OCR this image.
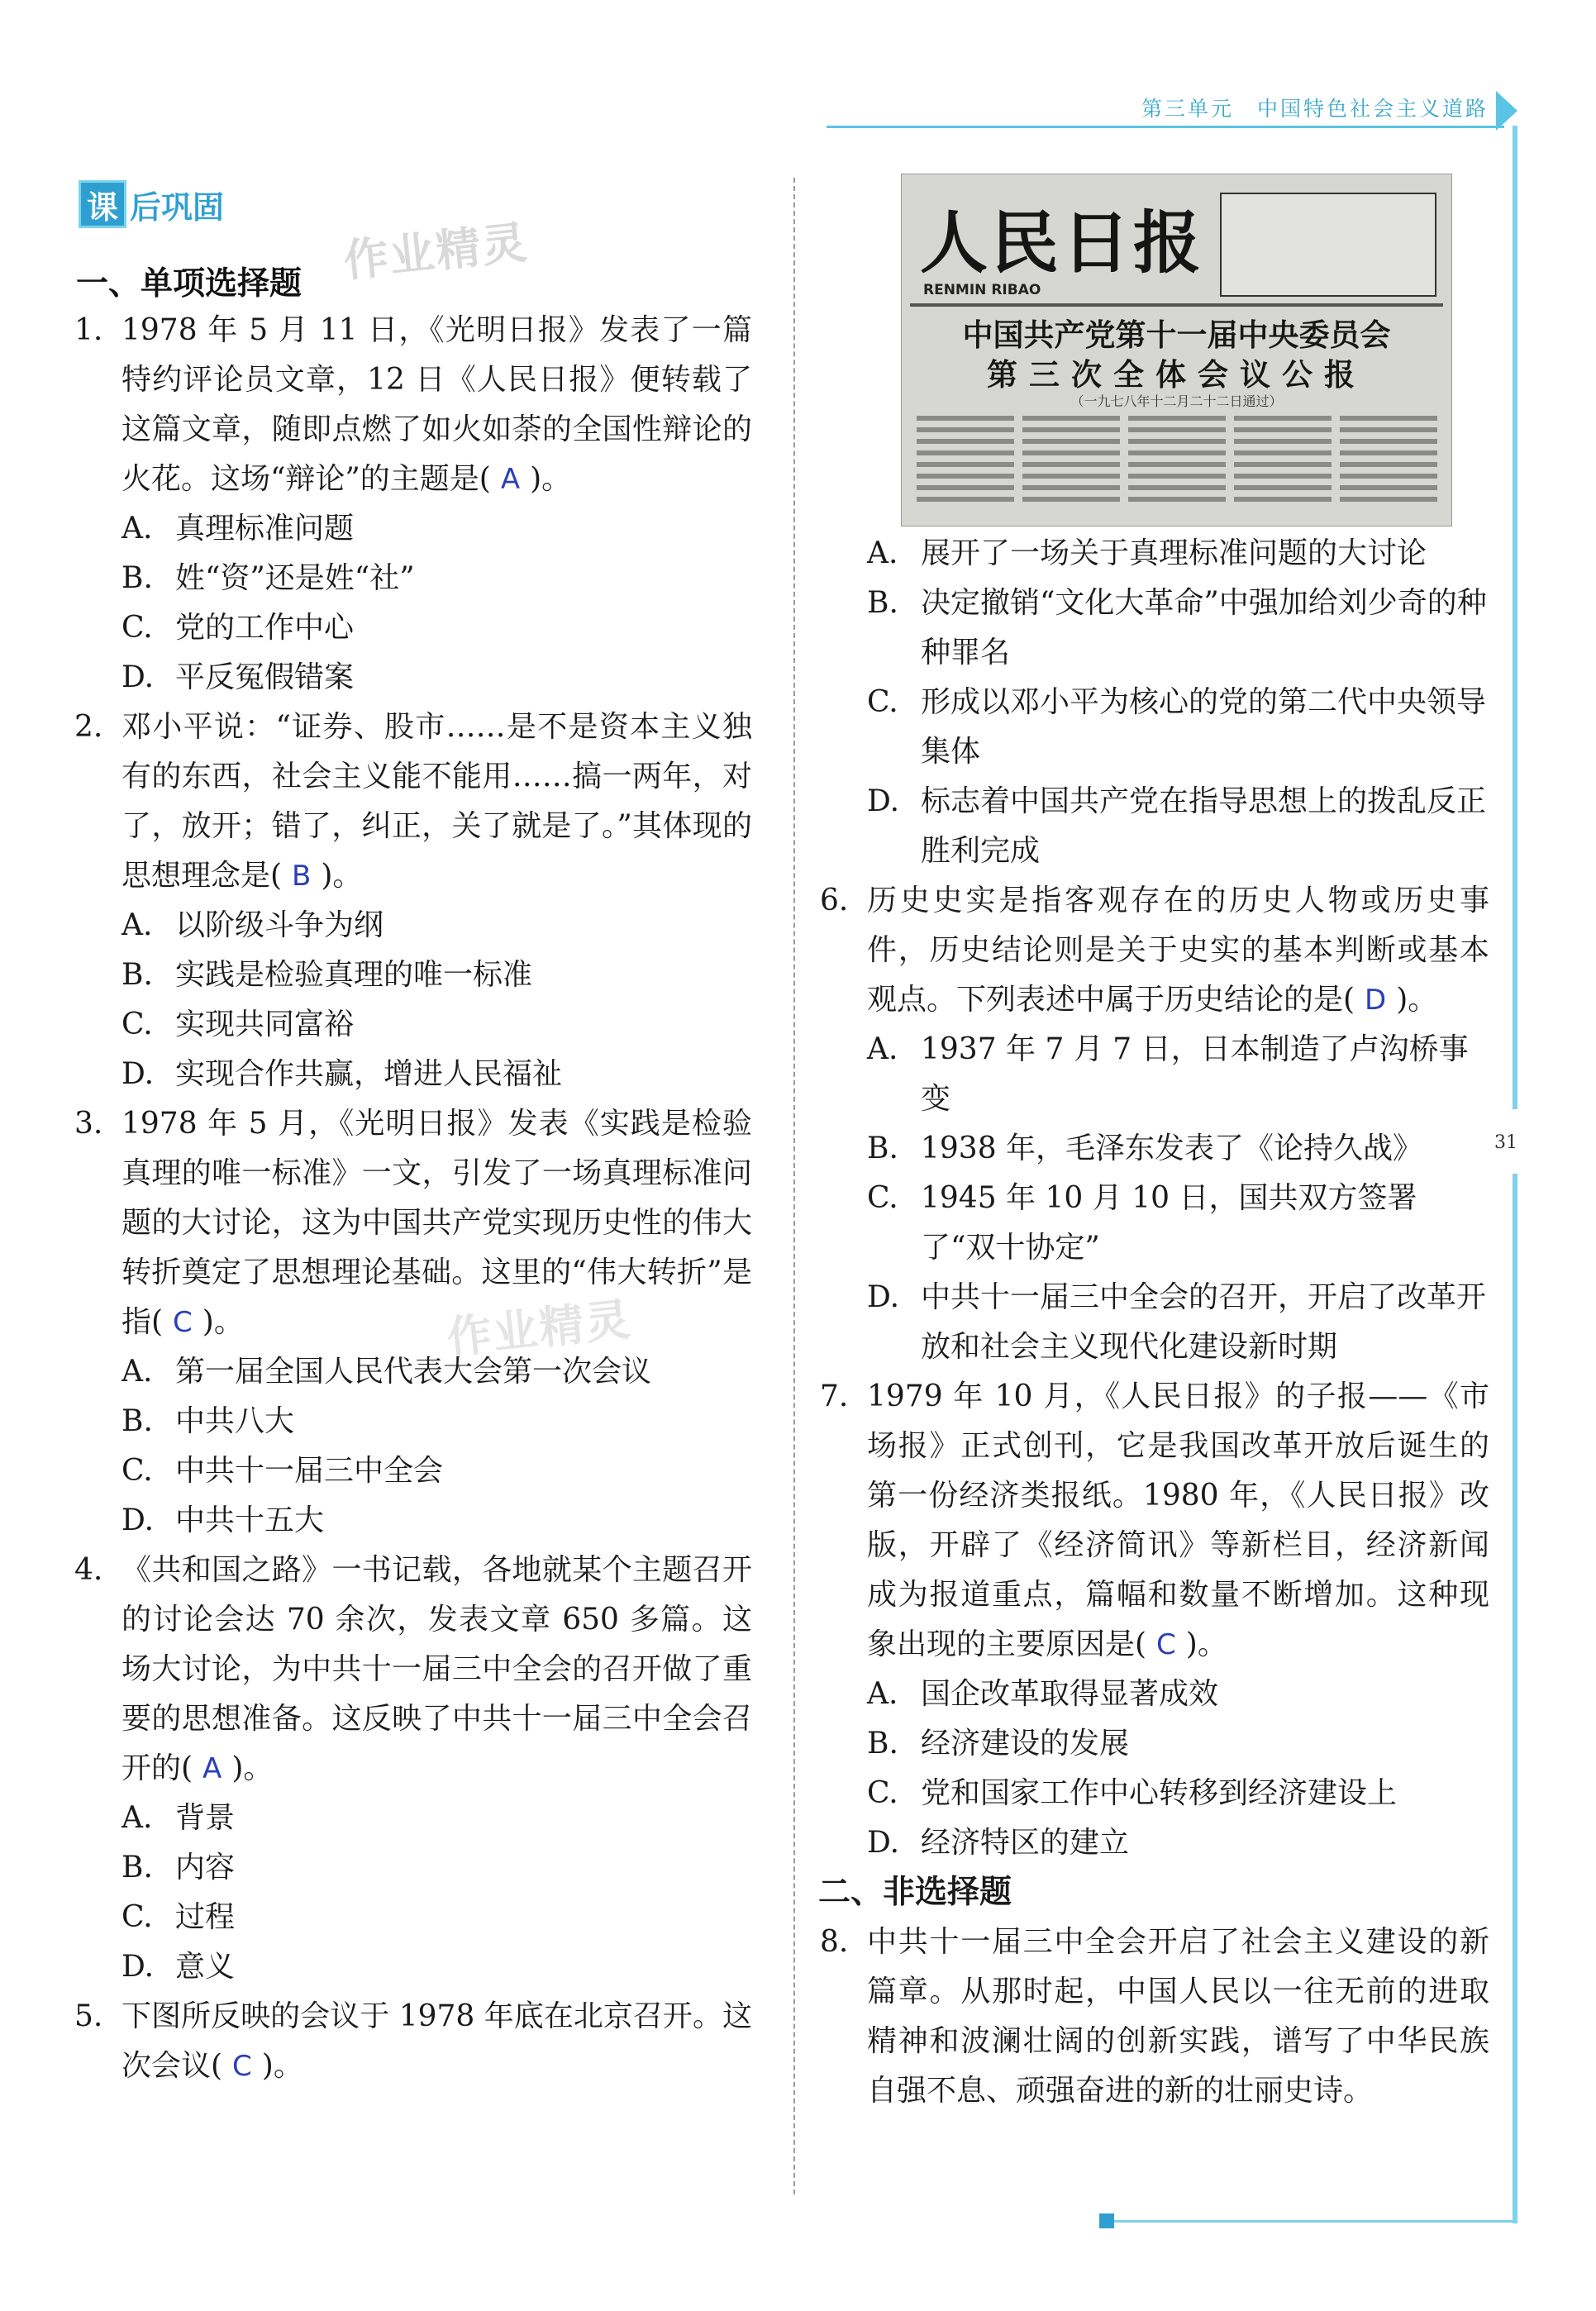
第三单元　中国特色社会主义道路
31
课 后巩固
作业精灵
作业精灵
一、单项选择题
1. 1978 年 5 月 11 日，《光明日报》发表了一篇特约评论员文章，12 日《人民日报》便转载了这篇文章，随即点燃了如火如荼的全国性辩论的火花。这场“辩论”的主题是( A )。
A. 真理标准问题
B. 姓“资”还是姓“社”
C. 党的工作中心
D. 平反冤假错案
2. 邓小平说：“证券、股市……是不是资本主义独有的东西，社会主义能不能用……搞一两年，对了，放开；错了，纠正，关了就是了。”其体现的思想理念是( B )。
A. 以阶级斗争为纲
B. 实践是检验真理的唯一标准
C. 实现共同富裕
D. 实现合作共赢，增进人民福祉
3. 1978 年 5 月，《光明日报》发表《实践是检验真理的唯一标准》一文，引发了一场真理标准问题的大讨论，这为中国共产党实现历史性的伟大转折奠定了思想理论基础。这里的“伟大转折”是指( C )。
A. 第一届全国人民代表大会第一次会议
B. 中共八大
C. 中共十一届三中全会
D. 中共十五大
4. 《共和国之路》一书记载，各地就某个主题召开的讨论会达 70 余次，发表文章 650 多篇。这场大讨论，为中共十一届三中全会的召开做了重要的思想准备。这反映了中共十一届三中全会召开的( A )。
A. 背景
B. 内容
C. 过程
D. 意义
5. 下图所反映的会议于 1978 年底在北京召开。这次会议( C )。
人民日报
RENMIN RIBAO
中国共产党第十一届中央委员会
第三次全体会议公报
（一九七八年十二月二十二日通过）
A. 展开了一场关于真理标准问题的大讨论
B. 决定撤销“文化大革命”中强加给刘少奇的种种罪名
C. 形成以邓小平为核心的党的第二代中央领导集体
D. 标志着中国共产党在指导思想上的拨乱反正胜利完成
6. 历史史实是指客观存在的历史人物或历史事件，历史结论则是关于史实的基本判断或基本观点。下列表述中属于历史结论的是( D )。
A. 1937 年 7 月 7 日，日本制造了卢沟桥事变
B. 1938 年，毛泽东发表了《论持久战》
C. 1945 年 10 月 10 日，国共双方签署了“双十协定”
D. 中共十一届三中全会的召开，开启了改革开放和社会主义现代化建设新时期
7. 1979 年 10 月，《人民日报》的子报——《市场报》正式创刊，它是我国改革开放后诞生的第一份经济类报纸。1980 年，《人民日报》改版，开辟了《经济简讯》等新栏目，经济新闻成为报道重点，篇幅和数量不断增加。这种现象出现的主要原因是( C )。
A. 国企改革取得显著成效
B. 经济建设的发展
C. 党和国家工作中心转移到经济建设上
D. 经济特区的建立
二、非选择题
8. 中共十一届三中全会开启了社会主义建设的新篇章。从那时起，中国人民以一往无前的进取精神和波澜壮阔的创新实践，谱写了中华民族自强不息、顽强奋进的新的壮丽史诗。
